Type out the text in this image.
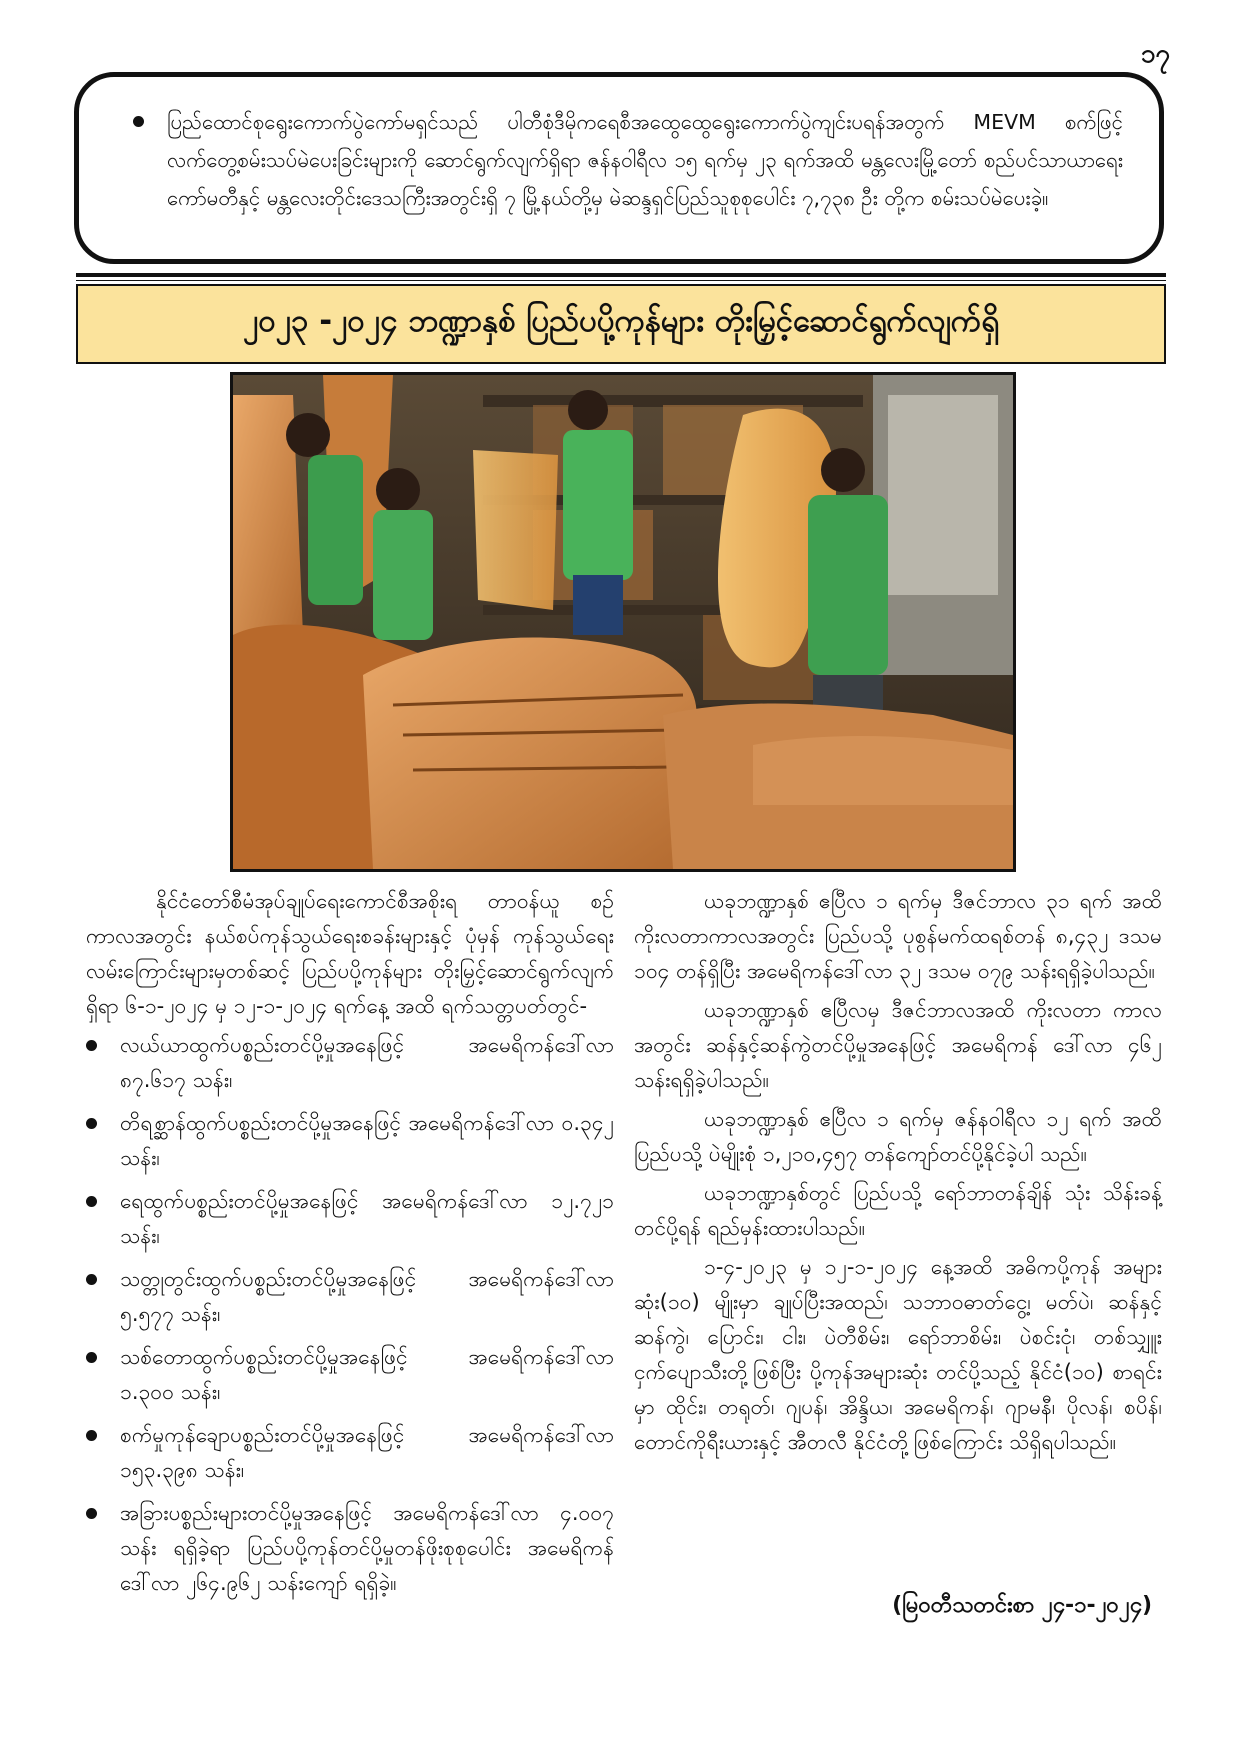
၁၇
ပြည်ထောင်စုရွေးကောက်ပွဲကော်မရှင်သည် ပါတီစုံဒီမိုကရေစီအထွေထွေရွေးကောက်ပွဲကျင်းပရန်အတွက် MEVM စက်ဖြင့် လက်တွေ့စမ်းသပ်မဲပေးခြင်းများကို ဆောင်ရွက်လျက်ရှိရာ ဇန်နဝါရီလ ၁၅ ရက်မှ ၂၃ ရက်အထိ မန္တလေးမြို့တော် စည်ပင်သာယာရေးကော်မတီနှင့် မန္တလေးတိုင်းဒေသကြီးအတွင်းရှိ ၇ မြို့နယ်တို့မှ မဲဆန္ဒရှင်ပြည်သူစုစုပေါင်း ၇,၇၃၈ ဦး တို့က စမ်းသပ်မဲပေးခဲ့။
၂၀၂၃ -၂၀၂၄ ဘဏ္ဍာနှစ် ပြည်ပပို့ကုန်များ တိုးမြှင့်ဆောင်ရွက်လျက်ရှိ

နိုင်ငံတော်စီမံအုပ်ချုပ်ရေးကောင်စီအစိုးရ တာဝန်ယူ စဉ်ကာလအတွင်း နယ်စပ်ကုန်သွယ်ရေးစခန်းများနှင့် ပုံမှန် ကုန်သွယ်ရေးလမ်းကြောင်းများမှတစ်ဆင့် ပြည်ပပို့ကုန်များ တိုးမြှင့်ဆောင်ရွက်လျက်ရှိရာ ၆-၁-၂၀၂၄ မှ ၁၂-၁-၂၀၂၄ ရက်နေ့ အထိ ရက်သတ္တပတ်တွင်-

လယ်ယာထွက်ပစ္စည်းတင်ပို့မှုအနေဖြင့် အမေရိကန်ဒေါ်လာ ၈၇.၆၁၇ သန်း၊
တိရစ္ဆာန်ထွက်ပစ္စည်းတင်ပို့မှုအနေဖြင့် အမေရိကန်ဒေါ်လာ ၀.၃၄၂ သန်း၊
ရေထွက်ပစ္စည်းတင်ပို့မှုအနေဖြင့် အမေရိကန်ဒေါ်လာ ၁၂.၇၂၁ သန်း၊
သတ္တုတွင်းထွက်ပစ္စည်းတင်ပို့မှုအနေဖြင့် အမေရိကန်ဒေါ်လာ ၅.၅၇၇ သန်း၊
သစ်တောထွက်ပစ္စည်းတင်ပို့မှုအနေဖြင့် အမေရိကန်ဒေါ်လာ ၁.၃၀၀ သန်း၊
စက်မှုကုန်ချောပစ္စည်းတင်ပို့မှုအနေဖြင့် အမေရိကန်ဒေါ်လာ ၁၅၃.၃၉၈ သန်း၊
အခြားပစ္စည်းများတင်ပို့မှုအနေဖြင့် အမေရိကန်ဒေါ်လာ ၄.၀၀၇ သန်း ရရှိခဲ့ရာ ပြည်ပပို့ကုန်တင်ပို့မှုတန်ဖိုးစုစုပေါင်း အမေရိကန်ဒေါ်လာ ၂၆၄.၉၆၂ သန်းကျော် ရရှိခဲ့။

ယခုဘဏ္ဍာနှစ် ဧပြီလ ၁ ရက်မှ ဒီဇင်ဘာလ ၃၁ ရက် အထိ ကိုးလတာကာလအတွင်း ပြည်ပသို့ ပုစွန်မက်ထရစ်တန် ၈,၄၃၂ ဒသမ ၁၀၄ တန်ရှိပြီး အမေရိကန်ဒေါ်လာ ၃၂ ဒသမ ၀၇၉ သန်းရရှိခဲ့ပါသည်။

ယခုဘဏ္ဍာနှစ် ဧပြီလမှ ဒီဇင်ဘာလအထိ ကိုးလတာ ကာလအတွင်း ဆန်နှင့်ဆန်ကွဲတင်ပို့မှုအနေဖြင့် အမေရိကန် ဒေါ်လာ ၄၆၂ သန်းရရှိခဲ့ပါသည်။

ယခုဘဏ္ဍာနှစ် ဧပြီလ ၁ ရက်မှ ဇန်နဝါရီလ ၁၂ ရက် အထိ ပြည်ပသို့ ပဲမျိုးစုံ ၁,၂၁၀,၄၅၇ တန်ကျော်တင်ပို့နိုင်ခဲ့ပါ သည်။

ယခုဘဏ္ဍာနှစ်တွင် ပြည်ပသို့ ရော်ဘာတန်ချိန် သုံး သိန်းခန့်တင်ပို့ရန် ရည်မှန်းထားပါသည်။

၁-၄-၂၀၂၃ မှ ၁၂-၁-၂၀၂၄ နေ့အထိ အဓိကပို့ကုန် အများဆုံး(၁၀) မျိုးမှာ ချုပ်ပြီးအထည်၊ သဘာဝဓာတ်ငွေ့၊ မတ်ပဲ၊ ဆန်နှင့်ဆန်ကွဲ၊ ပြောင်း၊ ငါး၊ ပဲတီစိမ်း၊ ရော်ဘာစိမ်း၊ ပဲစင်းငုံ၊ တစ်သျှူးငှက်ပျောသီးတို့ဖြစ်ပြီး ပို့ကုန်အများဆုံး တင်ပို့သည့် နိုင်ငံ(၁၀) စာရင်းမှာ ထိုင်း၊ တရုတ်၊ ဂျပန်၊ အိန္ဒိယ၊ အမေရိကန်၊ ဂျာမနီ၊ ပိုလန်၊ စပိန်၊ တောင်ကိုရီးယားနှင့် အီတလီ နိုင်ငံတို့ဖြစ်ကြောင်း သိရှိရပါသည်။

(မြဝတီသတင်းစာ ၂၄-၁-၂၀၂၄)
